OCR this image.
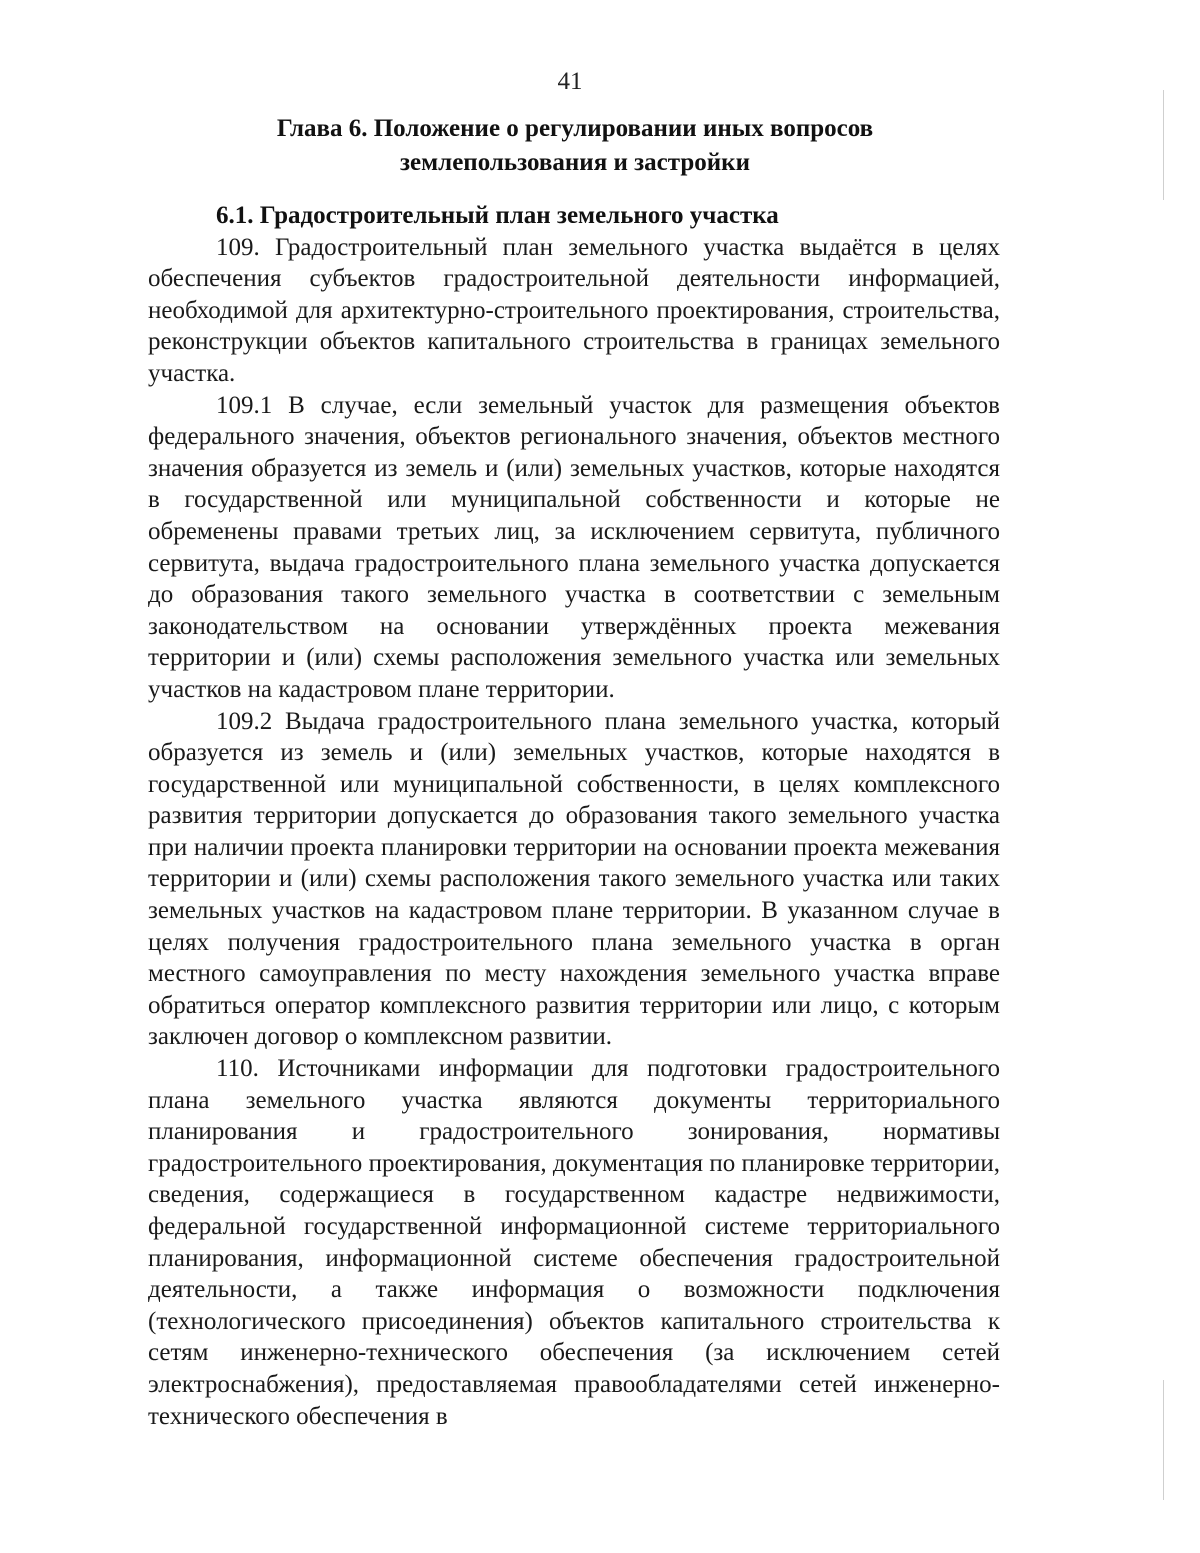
41
Глава 6. Положение о регулировании иных вопросов
землепользования и застройки

6.1. Градостроительный план земельного участка

109. Градостроительный план земельного участка выдаётся в целях обеспечения субъектов градостроительной деятельности информацией, необходимой для архитектурно-строительного проектирования, строительства, реконструкции объектов капитального строительства в границах земельного участка.

109.1 В случае, если земельный участок для размещения объектов федерального значения, объектов регионального значения, объектов местного значения образуется из земель и (или) земельных участков, которые находятся в государственной или муниципальной собственности и которые не обременены правами третьих лиц, за исключением сервитута, публичного сервитута, выдача градостроительного плана земельного участка допускается до образования такого земельного участка в соответствии с земельным законодательством на основании утверждённых проекта межевания территории и (или) схемы расположения земельного участка или земельных участков на кадастровом плане территории.

109.2 Выдача градостроительного плана земельного участка, который образуется из земель и (или) земельных участков, которые находятся в государственной или муниципальной собственности, в целях комплексного развития территории допускается до образования такого земельного участка при наличии проекта планировки территории на основании проекта межевания территории и (или) схемы расположения такого земельного участка или таких земельных участков на кадастровом плане территории. В указанном случае в целях получения градостроительного плана земельного участка в орган местного самоуправления по месту нахождения земельного участка вправе обратиться оператор комплексного развития территории или лицо, с которым заключен договор о комплексном развитии.

110. Источниками информации для подготовки градостроительного плана земельного участка являются документы территориального планирования и градостроительного зонирования, нормативы градостроительного проектирования, документация по планировке территории, сведения, содержащиеся в государственном кадастре недвижимости, федеральной государственной информационной системе территориального планирования, информационной системе обеспечения градостроительной деятельности, а также информация о возможности подключения (технологического присоединения) объектов капитального строительства к сетям инженерно-технического обеспечения (за исключением сетей электроснабжения), предоставляемая правообладателями сетей инженерно-технического обеспечения в
